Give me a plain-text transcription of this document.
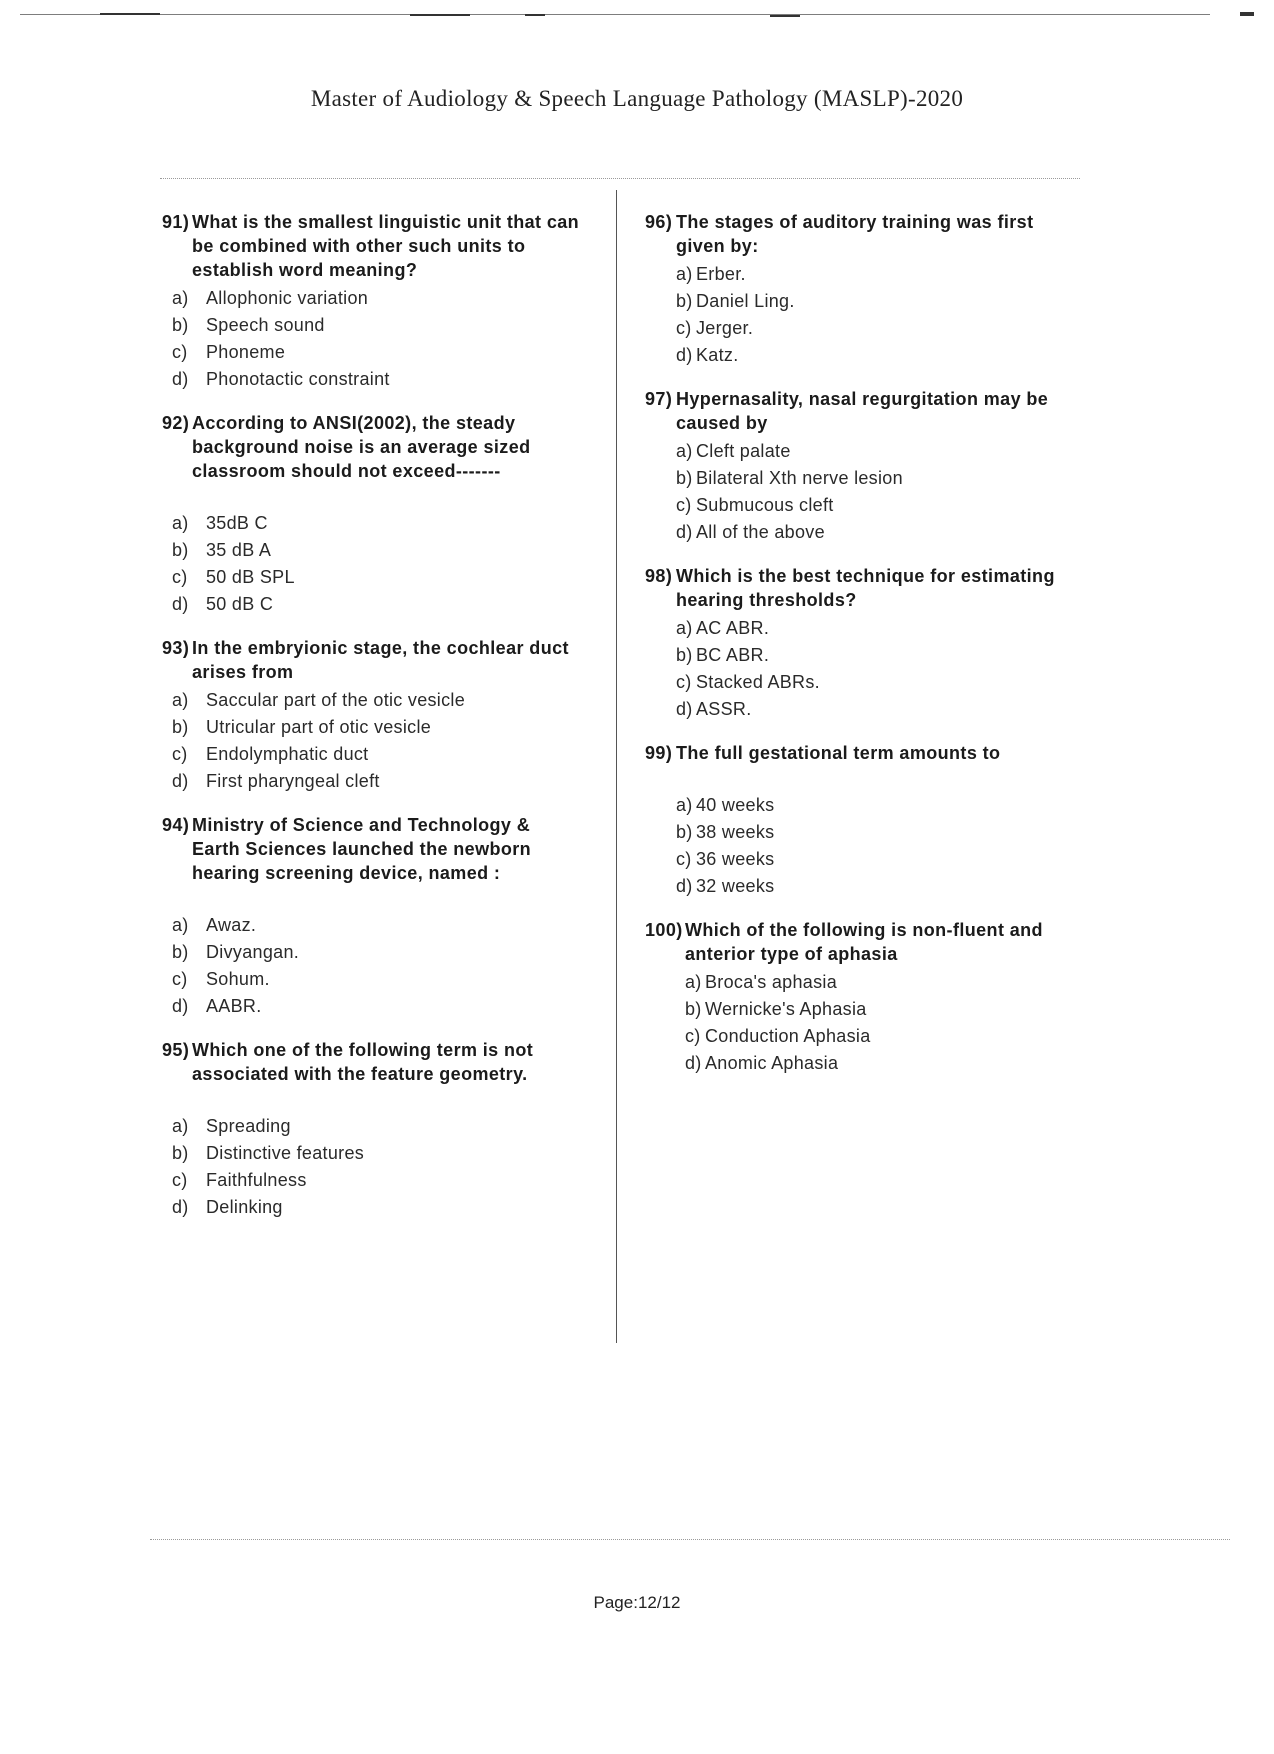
Master of Audiology & Speech Language Pathology (MASLP)-2020
91) What is the smallest linguistic unit that can be combined with other such units to establish word meaning?
a) Allophonic variation
b) Speech sound
c)	Phoneme
d) Phonotactic constraint
92) According to ANSI(2002), the steady background noise is an average sized classroom should not exceed-------
a) 35dB C
b) 35 dB A
c)	50 dB SPL
d) 50 dB C
93) In the embryionic stage, the cochlear duct arises from
a) Saccular part of the otic vesicle
b) Utricular part of otic vesicle
c)	Endolymphatic duct
d) First pharyngeal cleft
94) Ministry of Science and Technology & Earth Sciences launched the newborn hearing screening device, named :
a) Awaz.
b) Divyangan.
c)	Sohum.
d) AABR.
95) Which one of the following term is not associated with the feature geometry.
a) Spreading
b) Distinctive features
c)	Faithfulness
d) Delinking
96) The stages of auditory training was first given by:
a) Erber.
b) Daniel Ling.
c) Jerger.
d) Katz.
97) Hypernasality, nasal regurgitation may be caused by
a) Cleft palate
b) Bilateral Xth nerve lesion
c) Submucous cleft
d) All of the above
98) Which is the best technique for estimating hearing thresholds?
a) AC ABR.
b) BC ABR.
c) Stacked ABRs.
d) ASSR.
99) The full gestational term amounts to
a) 40 weeks
b) 38 weeks
c) 36 weeks
d) 32 weeks
100) Which of the following is non-fluent and anterior type of aphasia
a) Broca's aphasia
b) Wernicke's Aphasia
c) Conduction Aphasia
d) Anomic Aphasia
Page:12/12
